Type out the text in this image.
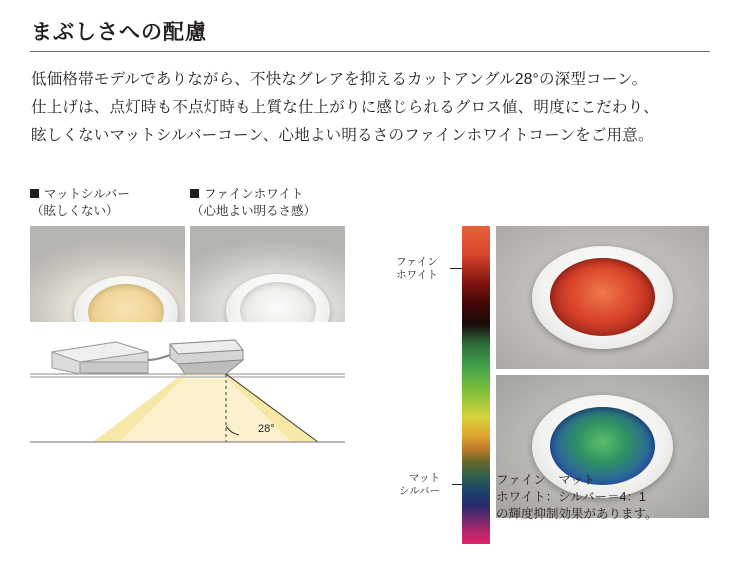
まぶしさへの配慮
低価格帯モデルでありながら、不快なグレアを抑えるカットアングル28°の深型コーン。
仕上げは、点灯時も不点灯時も上質な仕上がりに感じられるグロス値、明度にこだわり、
眩しくないマットシルバーコーン、心地よい明るさのファインホワイトコーンをご用意。
マットシルバー
（眩しくない）
ファインホワイト
（心地よい明るさ感）
28°
ファイン
ホワイト
マット
シルバー
ファイン　マット
ホワイト：シルバー＝4：1
の輝度抑制効果があります。
